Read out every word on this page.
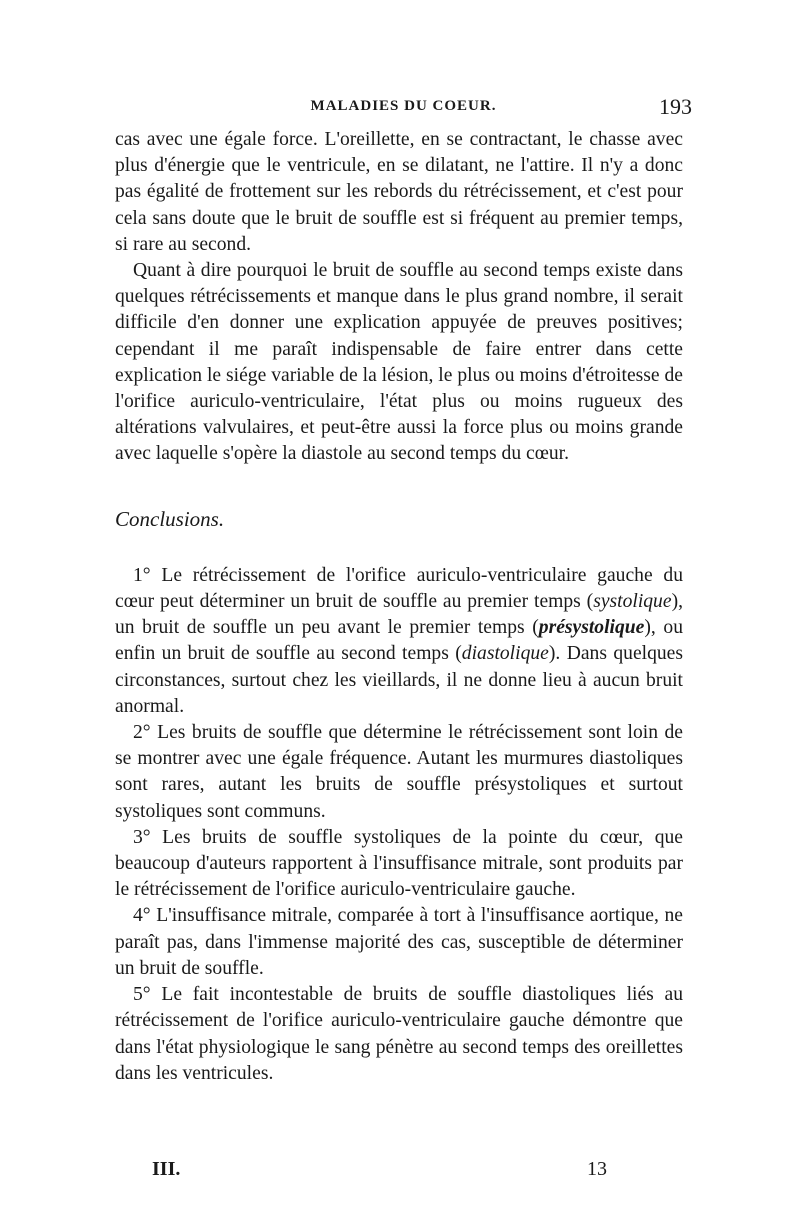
MALADIES DU COEUR.	193

cas avec une égale force. L'oreillette, en se contractant, le chasse avec plus d'énergie que le ventricule, en se dilatant, ne l'attire. Il n'y a donc pas égalité de frottement sur les rebords du rétrécissement, et c'est pour cela sans doute que le bruit de souffle est si fréquent au premier temps, si rare au second.

Quant à dire pourquoi le bruit de souffle au second temps existe dans quelques rétrécissements et manque dans le plus grand nombre, il serait difficile d'en donner une explication appuyée de preuves positives; cependant il me paraît indispensable de faire entrer dans cette explication le siége variable de la lésion, le plus ou moins d'étroitesse de l'orifice auriculo-ventriculaire, l'état plus ou moins rugueux des altérations valvulaires, et peut-être aussi la force plus ou moins grande avec laquelle s'opère la diastole au second temps du cœur.

Conclusions.

1° Le rétrécissement de l'orifice auriculo-ventriculaire gauche du cœur peut déterminer un bruit de souffle au premier temps (systolique), un bruit de souffle un peu avant le premier temps (présystolique), ou enfin un bruit de souffle au second temps (diastolique). Dans quelques circonstances, surtout chez les vieillards, il ne donne lieu à aucun bruit anormal.

2° Les bruits de souffle que détermine le rétrécissement sont loin de se montrer avec une égale fréquence. Autant les murmures diastoliques sont rares, autant les bruits de souffle présystoliques et surtout systoliques sont communs.

3° Les bruits de souffle systoliques de la pointe du cœur, que beaucoup d'auteurs rapportent à l'insuffisance mitrale, sont produits par le rétrécissement de l'orifice auriculo-ventriculaire gauche.

4° L'insuffisance mitrale, comparée à tort à l'insuffisance aortique, ne paraît pas, dans l'immense majorité des cas, susceptible de déterminer un bruit de souffle.

5° Le fait incontestable de bruits de souffle diastoliques liés au rétrécissement de l'orifice auriculo-ventriculaire gauche démontre que dans l'état physiologique le sang pénètre au second temps des oreillettes dans les ventricules.

III.	13
